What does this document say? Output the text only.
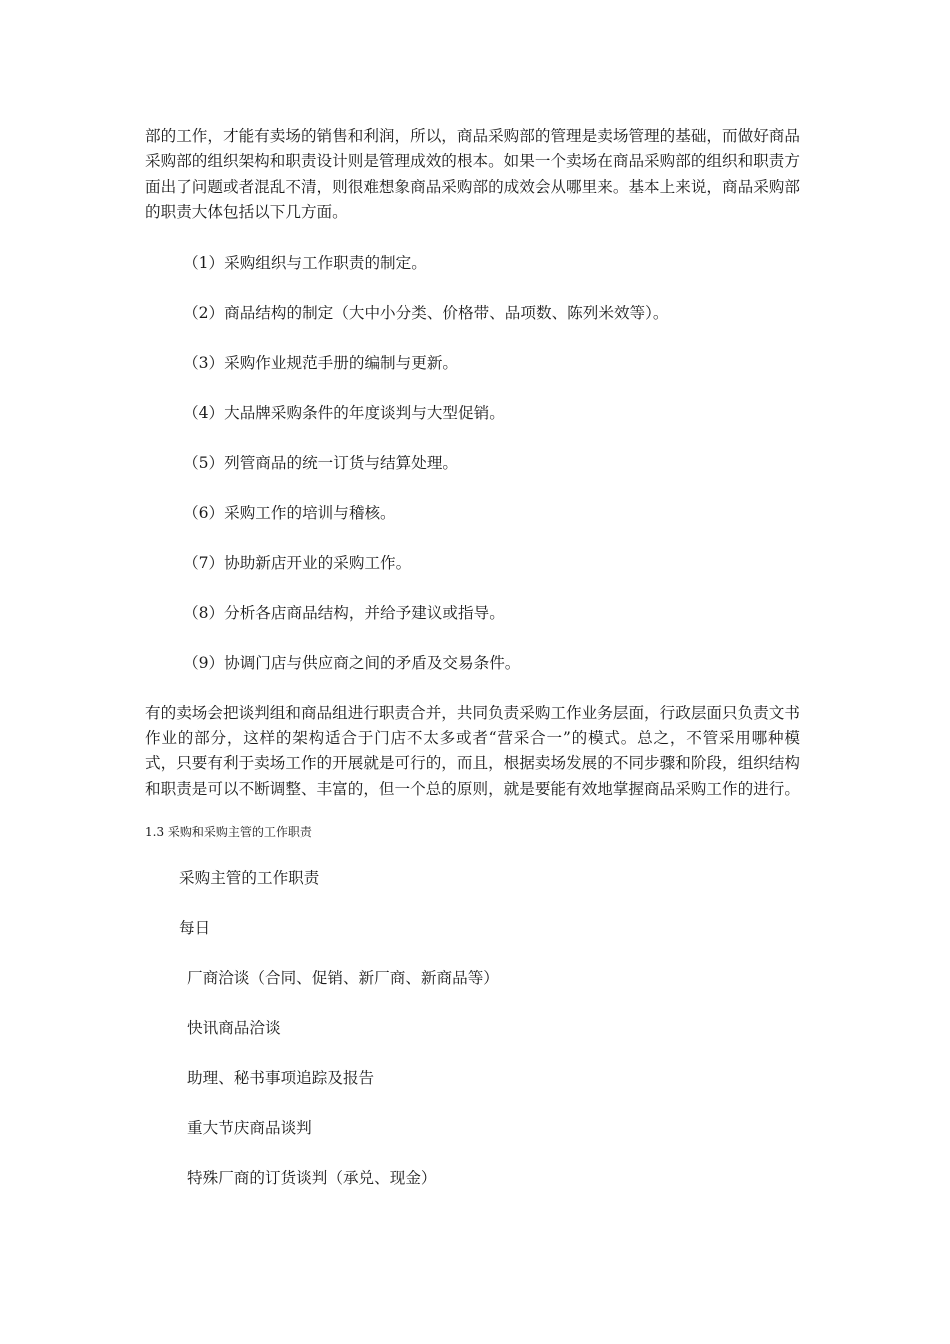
部的工作，才能有卖场的销售和利润，所以，商品采购部的管理是卖场管理的基础，而做好商品采购部的组织架构和职责设计则是管理成效的根本。如果一个卖场在商品采购部的组织和职责方面出了问题或者混乱不清，则很难想象商品采购部的成效会从哪里来。基本上来说，商品采购部的职责大体包括以下几方面。

（1）采购组织与工作职责的制定。

（2）商品结构的制定（大中小分类、价格带、品项数、陈列米效等）。

（3）采购作业规范手册的编制与更新。

（4）大品牌采购条件的年度谈判与大型促销。

（5）列管商品的统一订货与结算处理。

（6）采购工作的培训与稽核。

（7）协助新店开业的采购工作。

（8）分析各店商品结构，并给予建议或指导。

（9）协调门店与供应商之间的矛盾及交易条件。

有的卖场会把谈判组和商品组进行职责合并，共同负责采购工作业务层面，行政层面只负责文书作业的部分，这样的架构适合于门店不太多或者“营采合一”的模式。总之，不管采用哪种模式，只要有利于卖场工作的开展就是可行的，而且，根据卖场发展的不同步骤和阶段，组织结构和职责是可以不断调整、丰富的，但一个总的原则，就是要能有效地掌握商品采购工作的进行。

1.3 采购和采购主管的工作职责

采购主管的工作职责

每日

厂商洽谈（合同、促销、新厂商、新商品等）

快讯商品洽谈

助理、秘书事项追踪及报告

重大节庆商品谈判

特殊厂商的订货谈判（承兑、现金）
